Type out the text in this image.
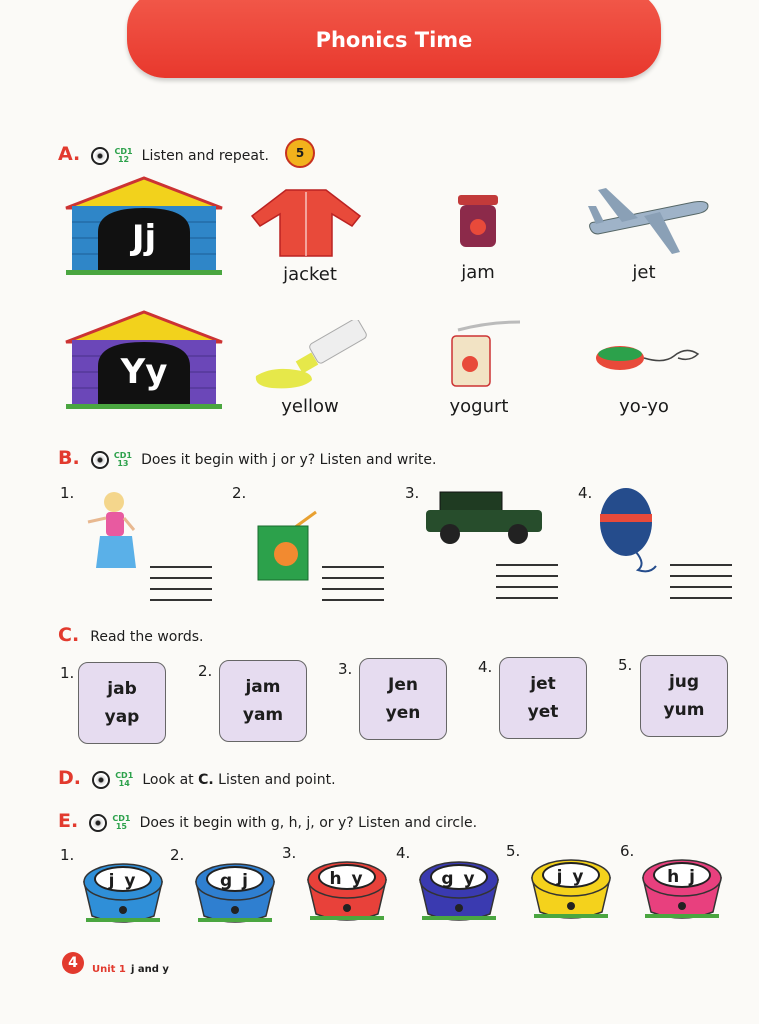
Phonics Time
A.	CD1
12 Listen and repeat.	5
Jj
Yy
jacket	jam	jet
yellow	yogurt	yo-yo
B.	CD1
13 Does it begin with j or y? Listen and write.
1.	2.	3.	4.
C. Read the words.
1.
jab
yap
2.
jam
yam
3.
Jen
yen
4.
jet
yet
5.
jug
yum
D.	CD1
14 Look at C. Listen and point.
E.	CD1
15 Does it begin with g, h, j, or y? Listen and circle.
1.
j y
2.
g j
3.
h y
4.
g y
5.
j y
6.
h j
4	Unit 1 j and y
